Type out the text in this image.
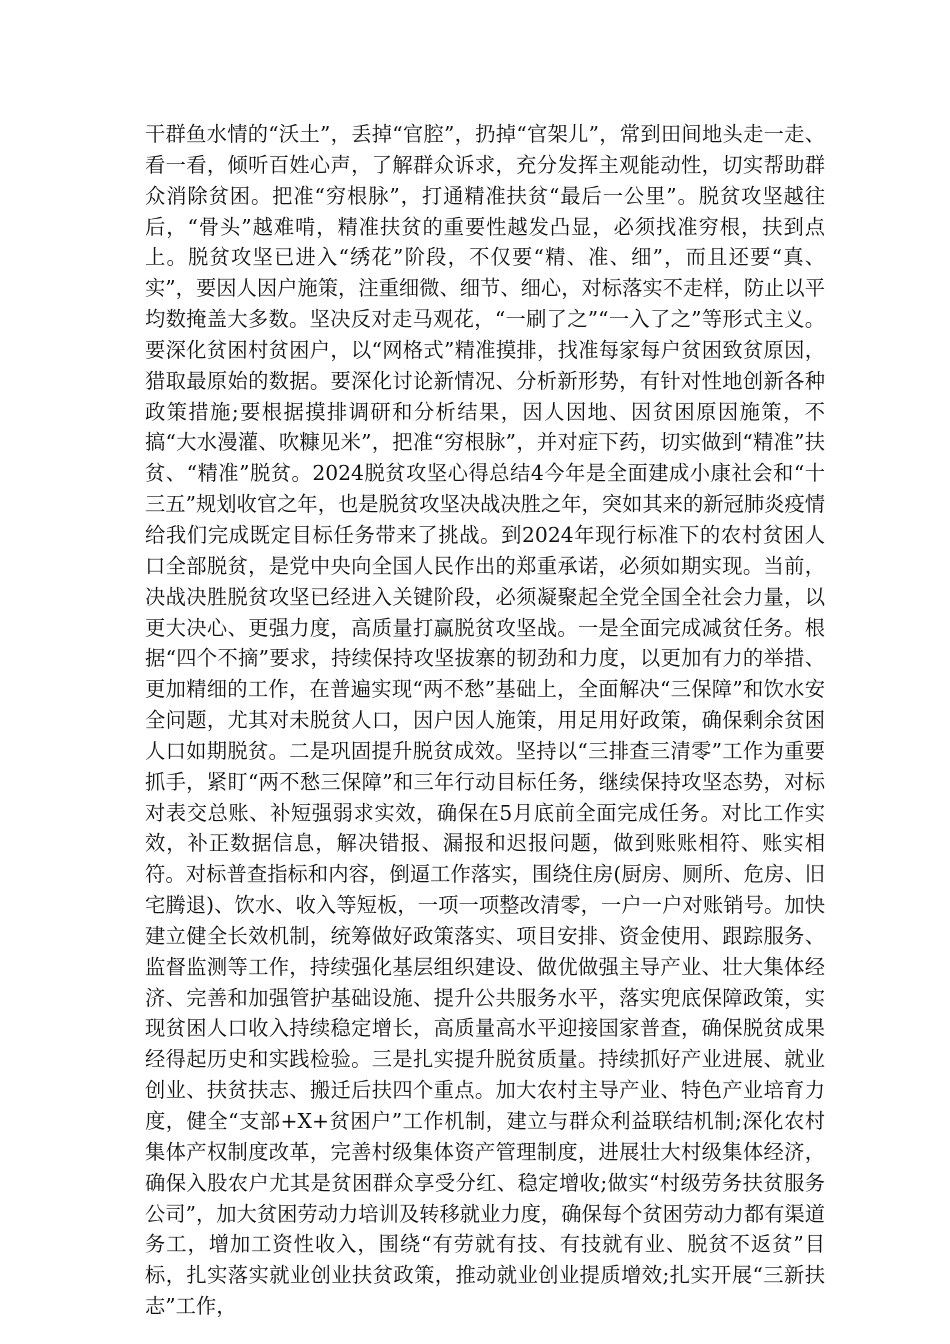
干群鱼水情的“沃土”，丢掉“官腔”，扔掉“官架儿”，常到田间地头走一走、看一看，倾听百姓心声，了解群众诉求，充分发挥主观能动性，切实帮助群众消除贫困。把准“穷根脉”，打通精准扶贫“最后一公里”。脱贫攻坚越往后，“骨头”越难啃，精准扶贫的重要性越发凸显，必须找准穷根，扶到点上。脱贫攻坚已进入“绣花”阶段，不仅要“精、准、细”，而且还要“真、实”，要因人因户施策，注重细微、细节、细心，对标落实不走样，防止以平均数掩盖大多数。坚决反对走马观花，“一刷了之”“一入了之”等形式主义。要深化贫困村贫困户，以“网格式”精准摸排，找准每家每户贫困致贫原因，猎取最原始的数据。要深化讨论新情况、分析新形势，有针对性地创新各种政策措施;要根据摸排调研和分析结果，因人因地、因贫困原因施策，不搞“大水漫灌、吹糠见米”，把准“穷根脉”，并对症下药，切实做到“精准”扶贫、“精准”脱贫。2024脱贫攻坚心得总结4今年是全面建成小康社会和“十三五”规划收官之年，也是脱贫攻坚决战决胜之年，突如其来的新冠肺炎疫情给我们完成既定目标任务带来了挑战。到2024年现行标准下的农村贫困人口全部脱贫，是党中央向全国人民作出的郑重承诺，必须如期实现。当前，决战决胜脱贫攻坚已经进入关键阶段，必须凝聚起全党全国全社会力量，以更大决心、更强力度，高质量打赢脱贫攻坚战。一是全面完成减贫任务。根据“四个不摘”要求，持续保持攻坚拔寨的韧劲和力度，以更加有力的举措、更加精细的工作，在普遍实现“两不愁”基础上，全面解决“三保障”和饮水安全问题，尤其对未脱贫人口，因户因人施策，用足用好政策，确保剩余贫困人口如期脱贫。二是巩固提升脱贫成效。坚持以“三排查三清零”工作为重要抓手，紧盯“两不愁三保障”和三年行动目标任务，继续保持攻坚态势，对标对表交总账、补短强弱求实效，确保在5月底前全面完成任务。对比工作实效，补正数据信息，解决错报、漏报和迟报问题，做到账账相符、账实相符。对标普查指标和内容，倒逼工作落实，围绕住房(厨房、厕所、危房、旧宅腾退)、饮水、收入等短板，一项一项整改清零，一户一户对账销号。加快建立健全长效机制，统筹做好政策落实、项目安排、资金使用、跟踪服务、监督监测等工作，持续强化基层组织建设、做优做强主导产业、壮大集体经济、完善和加强管护基础设施、提升公共服务水平，落实兜底保障政策，实现贫困人口收入持续稳定增长，高质量高水平迎接国家普查，确保脱贫成果经得起历史和实践检验。三是扎实提升脱贫质量。持续抓好产业进展、就业创业、扶贫扶志、搬迁后扶四个重点。加大农村主导产业、特色产业培育力度，健全“支部+X+贫困户”工作机制，建立与群众利益联结机制;深化农村集体产权制度改革，完善村级集体资产管理制度，进展壮大村级集体经济，确保入股农户尤其是贫困群众享受分红、稳定增收;做实“村级劳务扶贫服务公司”，加大贫困劳动力培训及转移就业力度，确保每个贫困劳动力都有渠道务工，增加工资性收入，围绕“有劳就有技、有技就有业、脱贫不返贫”目标，扎实落实就业创业扶贫政策，推动就业创业提质增效;扎实开展“三新扶志”工作，
